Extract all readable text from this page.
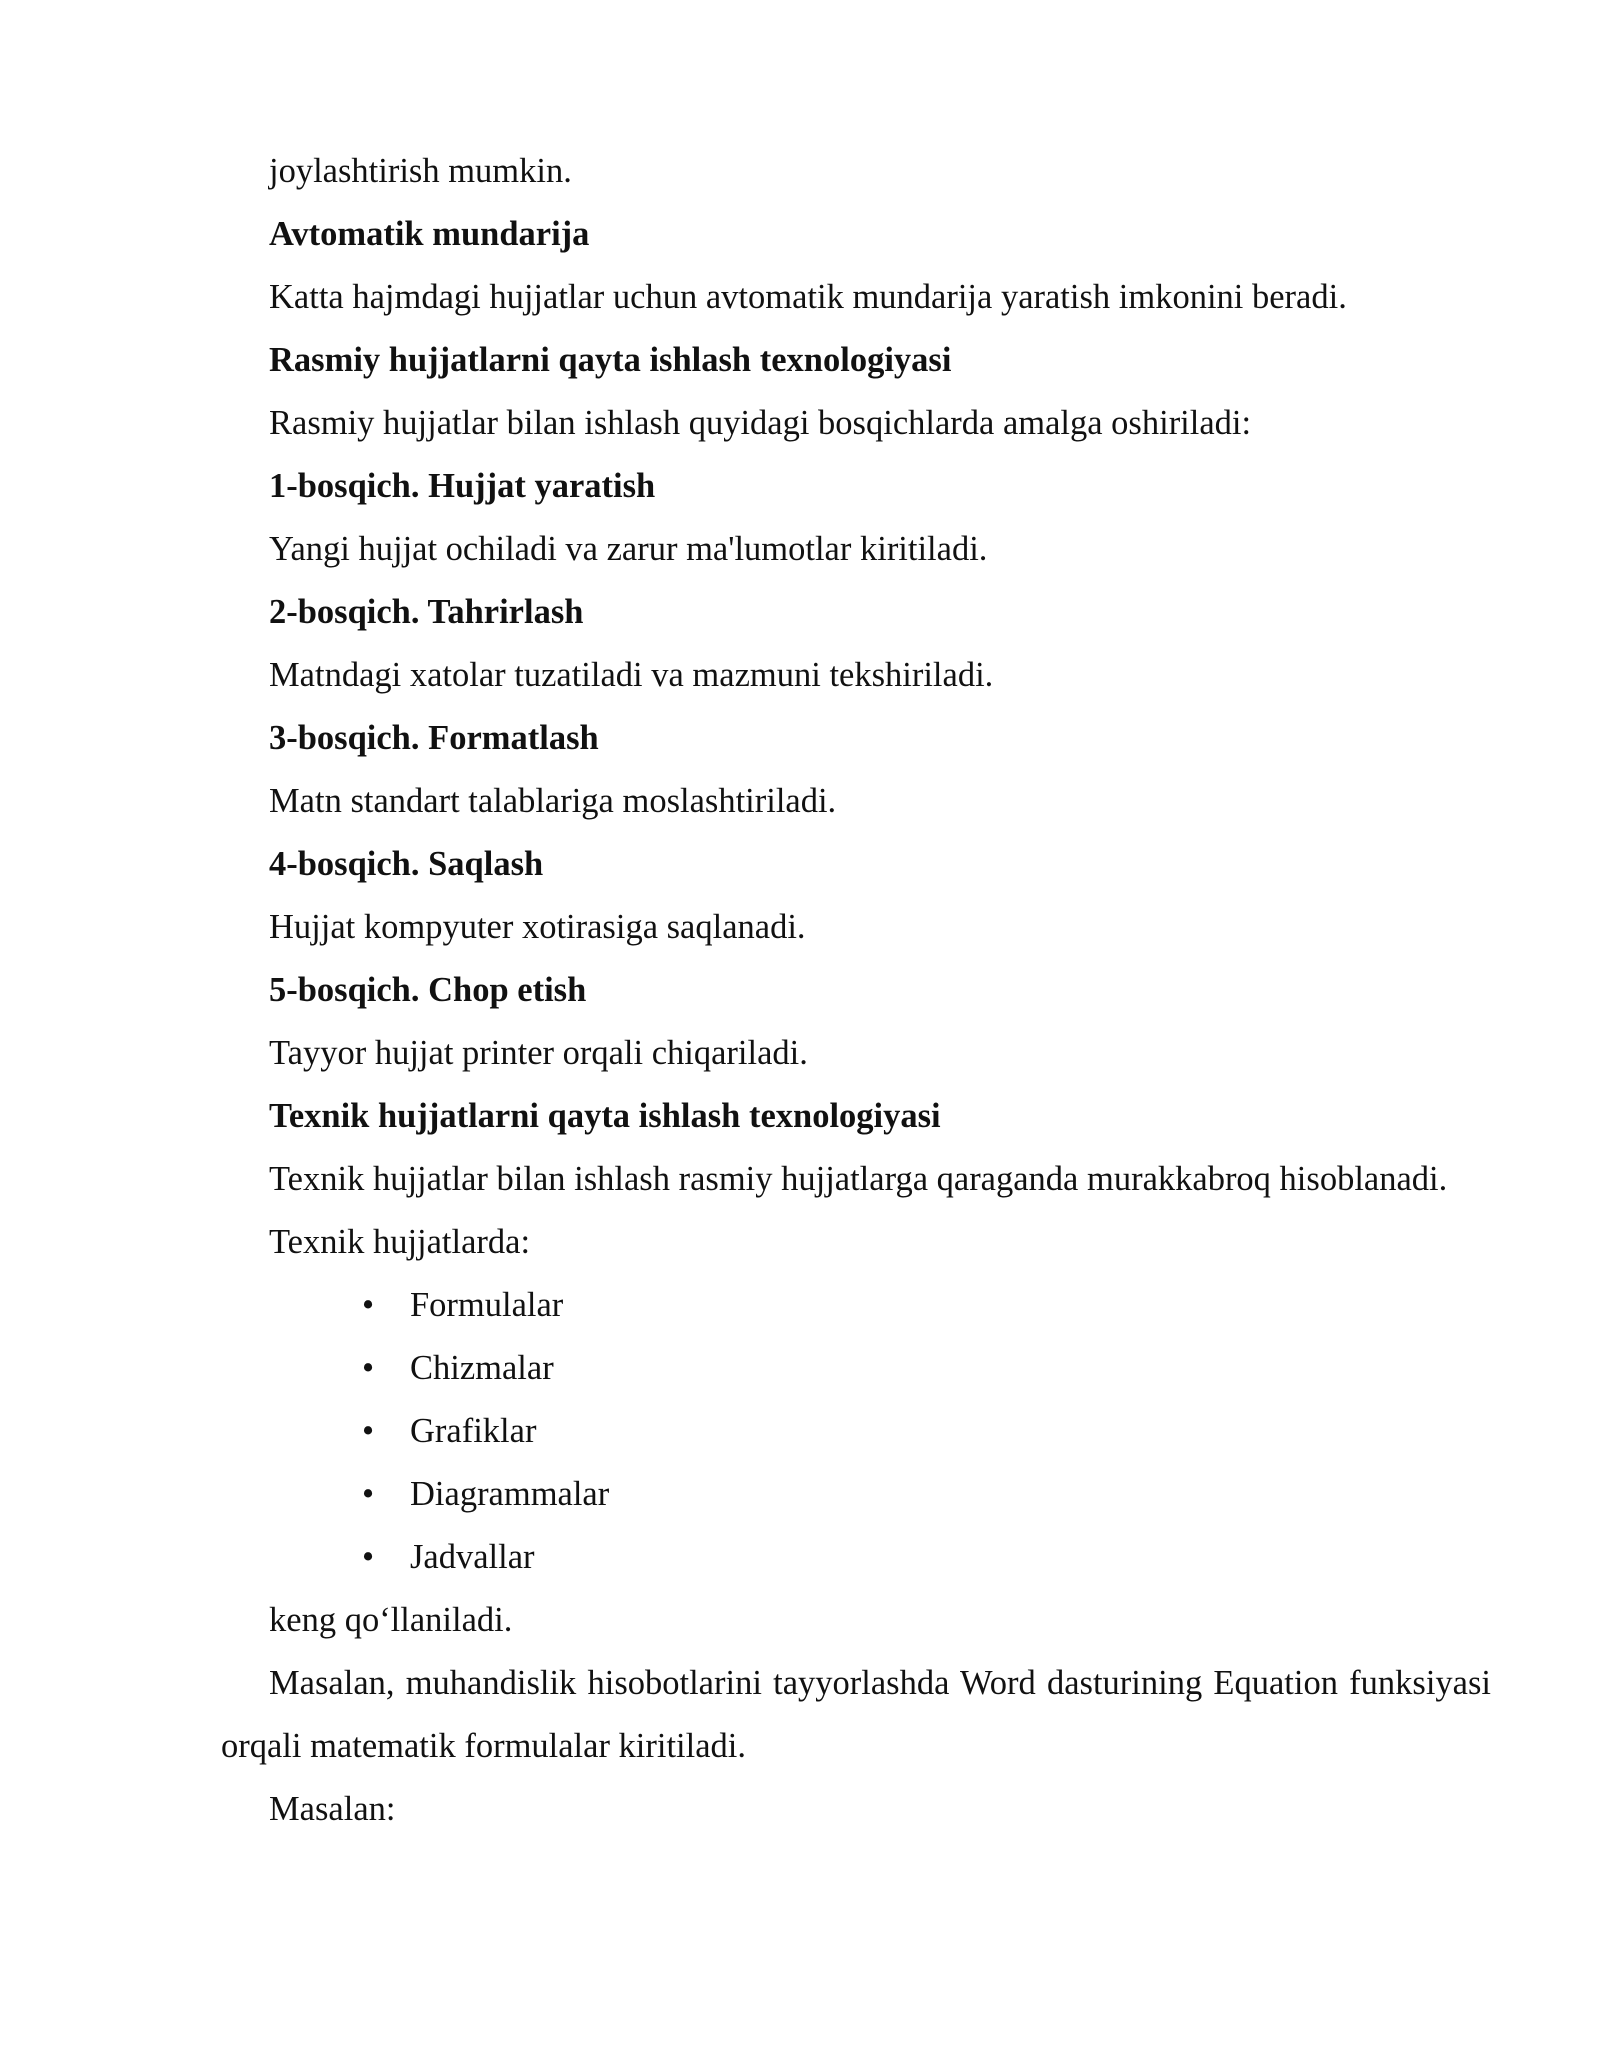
joylashtirish mumkin.

Avtomatik mundarija

Katta hajmdagi hujjatlar uchun avtomatik mundarija yaratish imkonini beradi.

Rasmiy hujjatlarni qayta ishlash texnologiyasi

Rasmiy hujjatlar bilan ishlash quyidagi bosqichlarda amalga oshiriladi:

1-bosqich. Hujjat yaratish

Yangi hujjat ochiladi va zarur ma'lumotlar kiritiladi.

2-bosqich. Tahrirlash

Matndagi xatolar tuzatiladi va mazmuni tekshiriladi.

3-bosqich. Formatlash

Matn standart talablariga moslashtiriladi.

4-bosqich. Saqlash

Hujjat kompyuter xotirasiga saqlanadi.

5-bosqich. Chop etish

Tayyor hujjat printer orqali chiqariladi.

Texnik hujjatlarni qayta ishlash texnologiyasi

Texnik hujjatlar bilan ishlash rasmiy hujjatlarga qaraganda murakkabroq hisoblanadi.

Texnik hujjatlarda:

• Formulalar
• Chizmalar
• Grafiklar
• Diagrammalar
• Jadvallar

keng qo‘llaniladi.

Masalan, muhandislik hisobotlarini tayyorlashda Word dasturining Equation funksiyasi orqali matematik formulalar kiritiladi.

Masalan:
